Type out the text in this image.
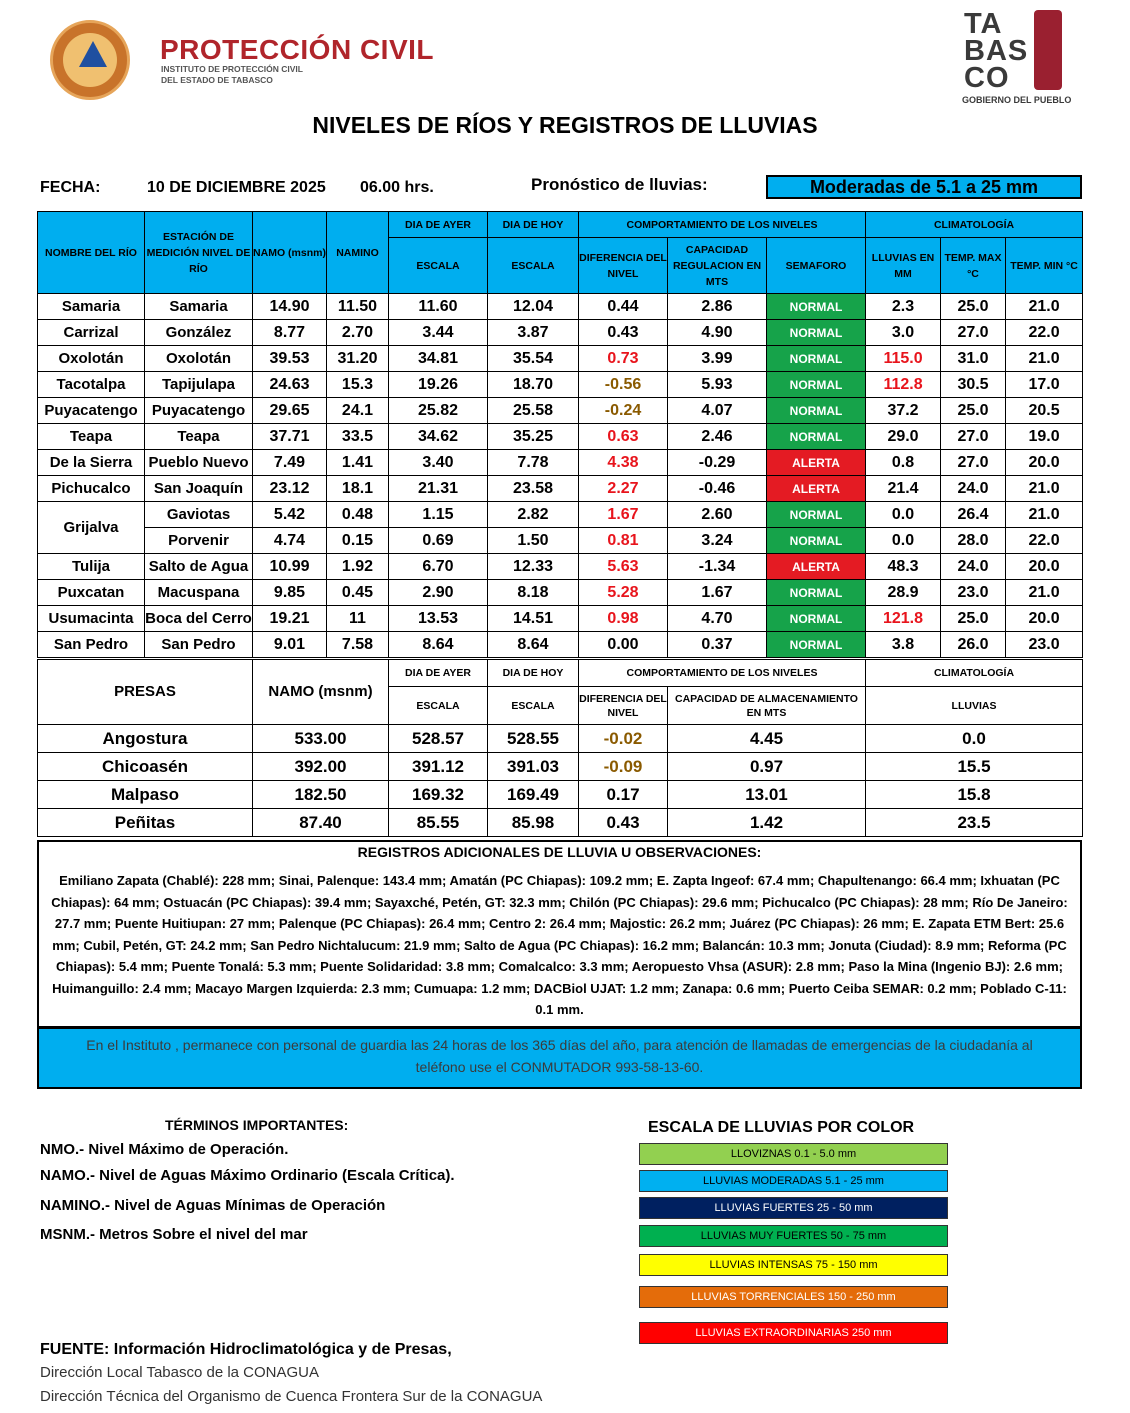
PROTECCIÓN CIVIL
INSTITUTO DE PROTECCIÓN CIVIL
DEL ESTADO DE TABASCO
TA
BAS
CO
GOBIERNO DEL PUEBLO
NIVELES DE RÍOS Y REGISTROS DE LLUVIAS
FECHA:	10 DE DICIEMBRE 2025 06.00 hrs.	Pronóstico de lluvias:	Moderadas de 5.1 a 25 mm
NOMBRE DEL RÍO	ESTACIÓN DE MEDICIÓN NIVEL DE RÍO	NAMO (msnm)	NAMINO	DIA DE AYER	DIA DE HOY	COMPORTAMIENTO DE LOS NIVELES			CLIMATOLOGÍA		
				ESCALA	ESCALA	DIFERENCIA DEL NIVEL	CAPACIDAD REGULACION EN MTS	SEMAFORO	LLUVIAS EN MM	TEMP. MAX °C	TEMP. MIN °C
Samaria	Samaria	14.90	11.50	11.60	12.04	0.44	2.86	NORMAL	2.3	25.0	21.0
Carrizal	González	8.77	2.70	3.44	3.87	0.43	4.90	NORMAL	3.0	27.0	22.0
Oxolotán	Oxolotán	39.53	31.20	34.81	35.54	0.73	3.99	NORMAL	115.0	31.0	21.0
Tacotalpa	Tapijulapa	24.63	15.3	19.26	18.70	-0.56	5.93	NORMAL	112.8	30.5	17.0
Puyacatengo	Puyacatengo	29.65	24.1	25.82	25.58	-0.24	4.07	NORMAL	37.2	25.0	20.5
Teapa	Teapa	37.71	33.5	34.62	35.25	0.63	2.46	NORMAL	29.0	27.0	19.0
De la Sierra	Pueblo Nuevo	7.49	1.41	3.40	7.78	4.38	-0.29	ALERTA	0.8	27.0	20.0
Pichucalco	San Joaquín	23.12	18.1	21.31	23.58	2.27	-0.46	ALERTA	21.4	24.0	21.0
Grijalva	Gaviotas	5.42	0.48	1.15	2.82	1.67	2.60	NORMAL	0.0	26.4	21.0
	Porvenir	4.74	0.15	0.69	1.50	0.81	3.24	NORMAL	0.0	28.0	22.0
Tulija	Salto de Agua	10.99	1.92	6.70	12.33	5.63	-1.34	ALERTA	48.3	24.0	20.0
Puxcatan	Macuspana	9.85	0.45	2.90	8.18	5.28	1.67	NORMAL	28.9	23.0	21.0
Usumacinta	Boca del Cerro	19.21	11	13.53	14.51	0.98	4.70	NORMAL	121.8	25.0	20.0
San Pedro	San Pedro	9.01	7.58	8.64	8.64	0.00	0.37	NORMAL	3.8	26.0	23.0
PRESAS	NAMO (msnm)	DIA DE AYER	DIA DE HOY	COMPORTAMIENTO DE LOS NIVELES		CLIMATOLOGÍA
		ESCALA	ESCALA	DIFERENCIA DEL NIVEL	CAPACIDAD DE ALMACENAMIENTO EN MTS	LLUVIAS
Angostura	533.00	528.57	528.55	-0.02	4.45	0.0
Chicoasén	392.00	391.12	391.03	-0.09	0.97	15.5
Malpaso	182.50	169.32	169.49	0.17	13.01	15.8
Peñitas	87.40	85.55	85.98	0.43	1.42	23.5
REGISTROS ADICIONALES DE LLUVIA U OBSERVACIONES:
Emiliano Zapata (Chablé): 228 mm; Sinai, Palenque: 143.4 mm; Amatán (PC Chiapas): 109.2 mm; E. Zapta Ingeof: 67.4 mm; Chapultenango: 66.4 mm; Ixhuatan (PC Chiapas): 64 mm; Ostuacán (PC Chiapas): 39.4 mm; Sayaxché, Petén, GT: 32.3 mm; Chilón (PC Chiapas): 29.6 mm; Pichucalco (PC Chiapas): 28 mm; Río De Janeiro: 27.7 mm; Puente Huitiupan: 27 mm; Palenque (PC Chiapas): 26.4 mm; Centro 2: 26.4 mm; Majostic: 26.2 mm; Juárez (PC Chiapas): 26 mm; E. Zapata ETM Bert: 25.6 mm; Cubil, Petén, GT: 24.2 mm; San Pedro Nichtalucum: 21.9 mm; Salto de Agua (PC Chiapas): 16.2 mm; Balancán: 10.3 mm; Jonuta (Ciudad): 8.9 mm; Reforma (PC Chiapas): 5.4 mm; Puente Tonalá: 5.3 mm; Puente Solidaridad: 3.8 mm; Comalcalco: 3.3 mm; Aeropuesto Vhsa (ASUR): 2.8 mm; Paso la Mina (Ingenio BJ): 2.6 mm; Huimanguillo: 2.4 mm; Macayo Margen Izquierda: 2.3 mm; Cumuapa: 1.2 mm; DACBiol UJAT: 1.2 mm; Zanapa: 0.6 mm; Puerto Ceiba SEMAR: 0.2 mm; Poblado C-11: 0.1 mm.
En el Instituto , permanece con personal de guardia las 24 horas de los 365 días del año, para atención de llamadas de emergencias de la ciudadanía al teléfono use el CONMUTADOR 993-58-13-60.
TÉRMINOS IMPORTANTES:
NMO.- Nivel Máximo de Operación.
NAMO.- Nivel de Aguas Máximo Ordinario (Escala Crítica).
NAMINO.- Nivel de Aguas Mínimas de Operación
MSNM.- Metros Sobre el nivel del mar
ESCALA DE LLUVIAS POR COLOR
LLOVIZNAS 0.1 - 5.0 mm
LLUVIAS MODERADAS 5.1 - 25 mm
LLUVIAS FUERTES 25 - 50 mm
LLUVIAS MUY FUERTES 50 - 75 mm
LLUVIAS INTENSAS 75 - 150 mm
LLUVIAS TORRENCIALES 150 - 250 mm
LLUVIAS EXTRAORDINARIAS 250 mm
FUENTE: Información Hidroclimatológica y de Presas,
Dirección Local Tabasco de la CONAGUA
Dirección Técnica del Organismo de Cuenca Frontera Sur de la CONAGUA
